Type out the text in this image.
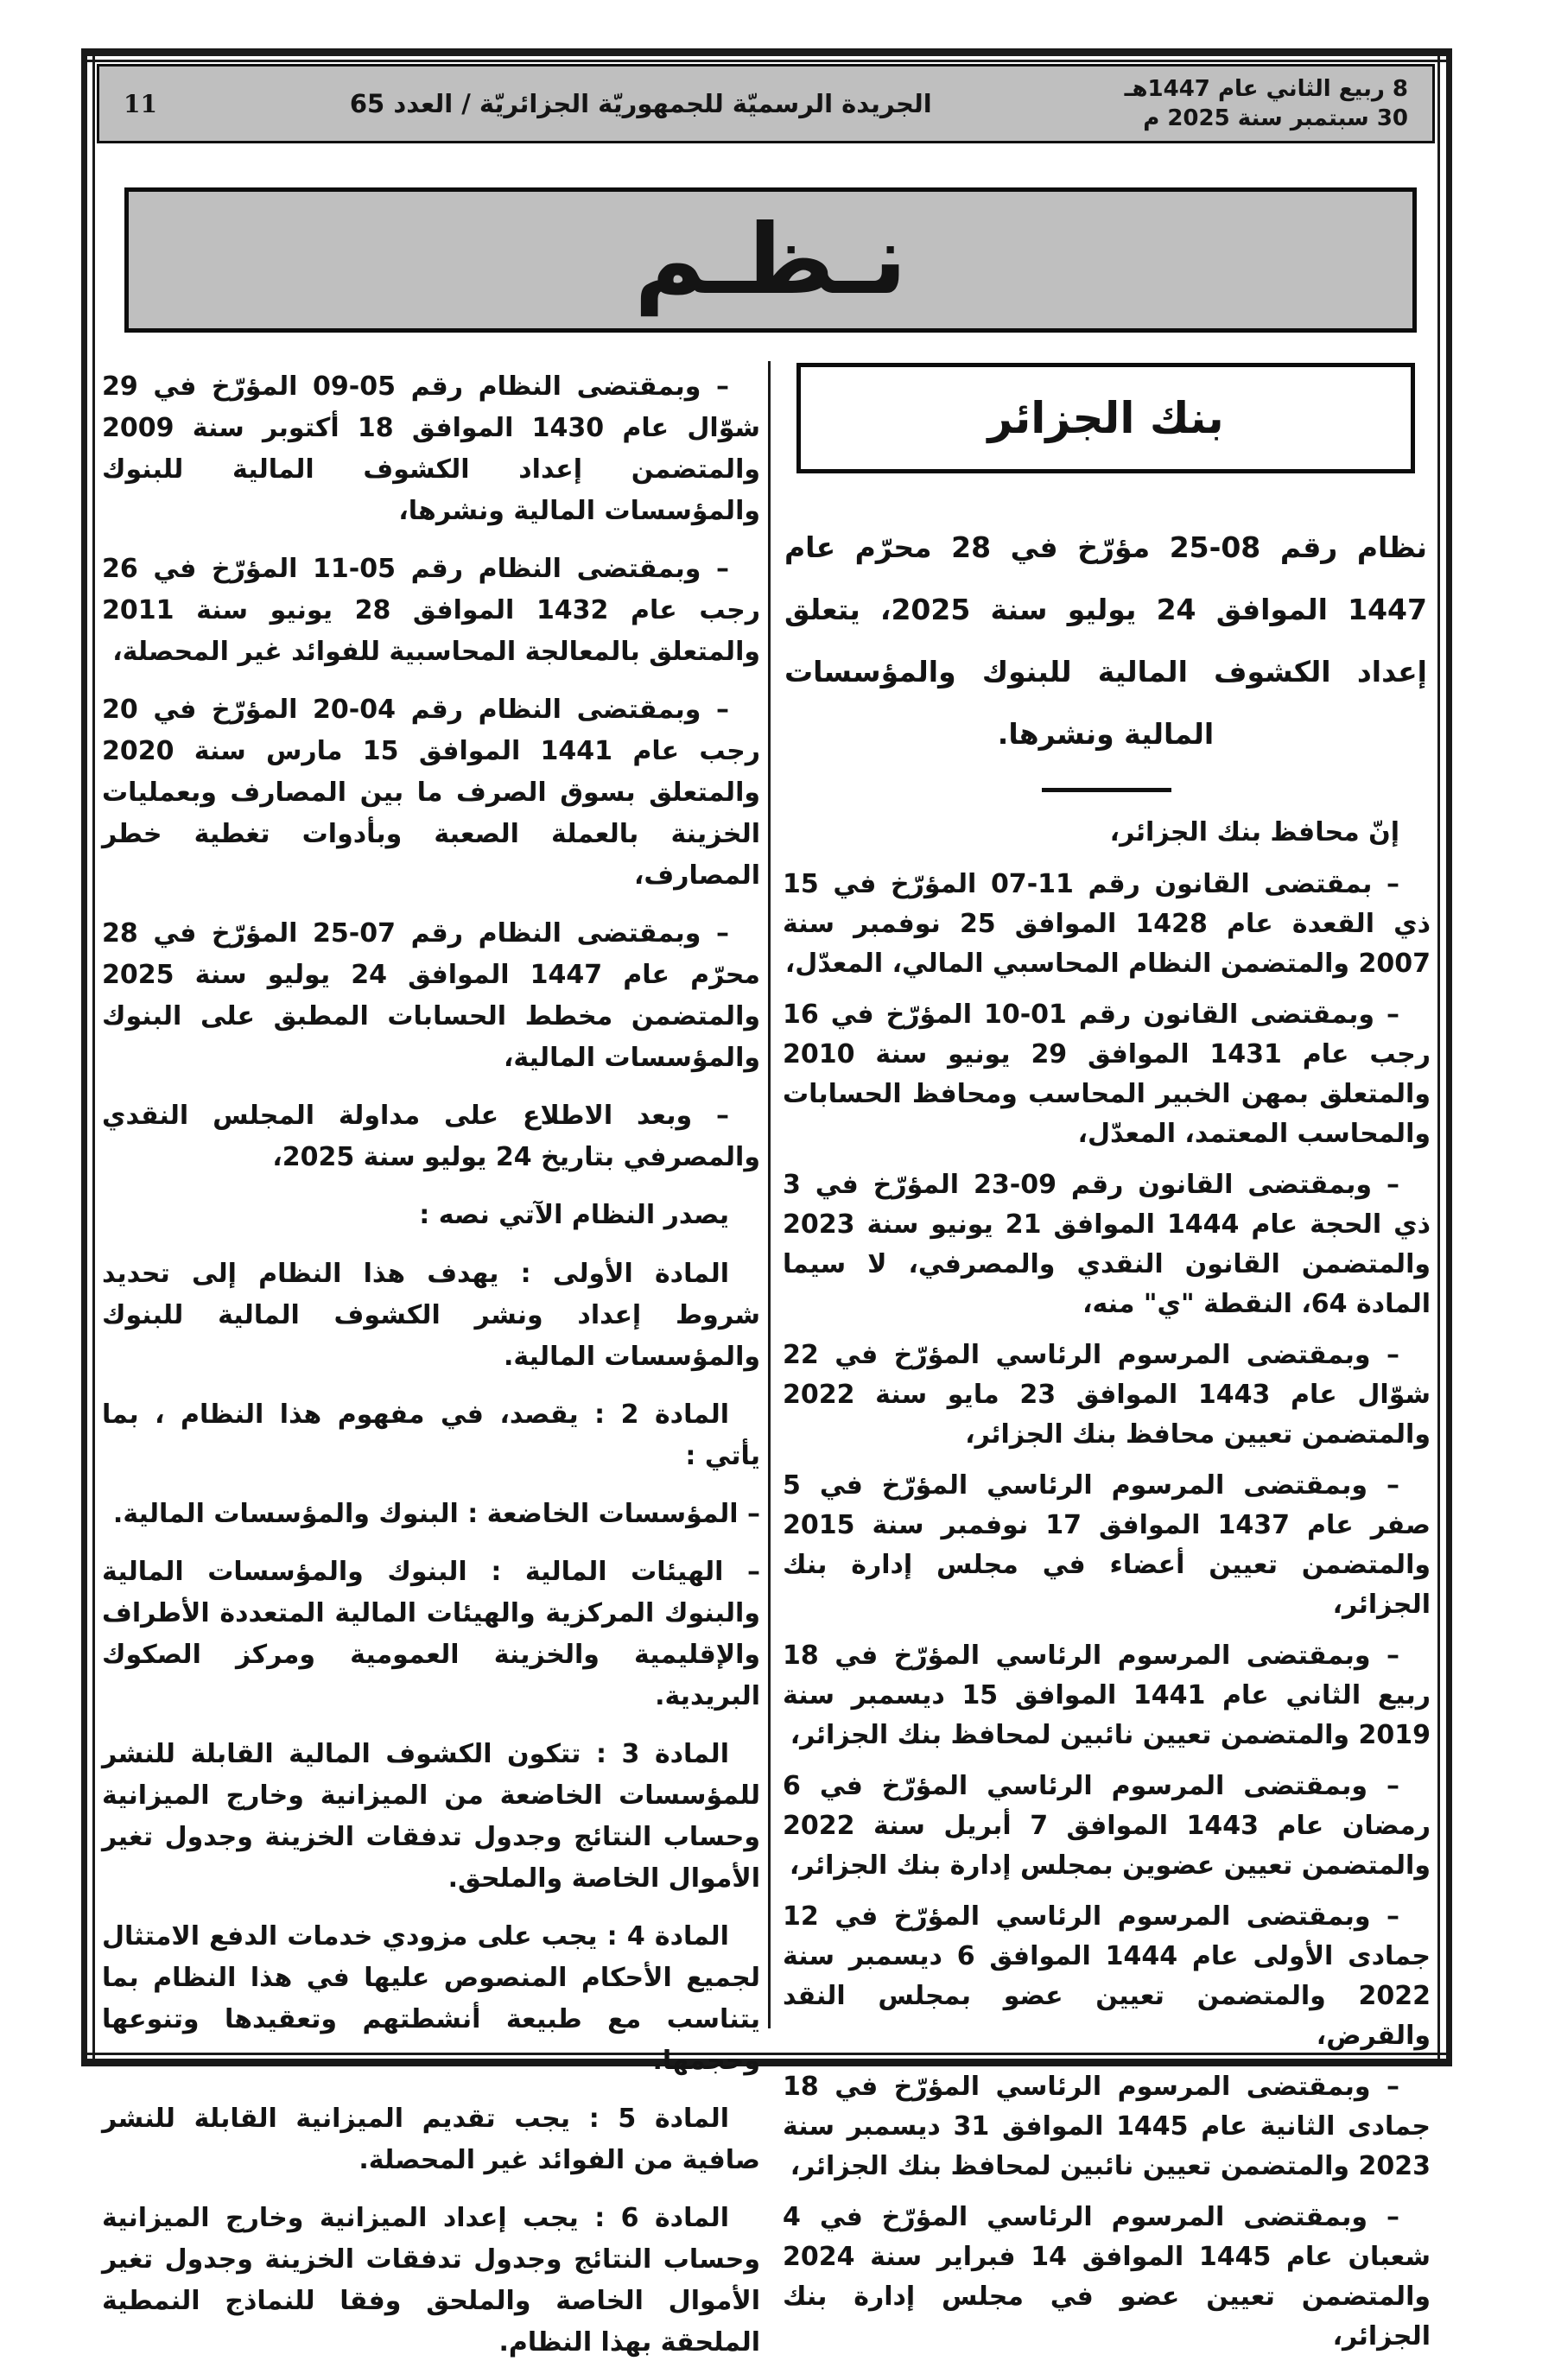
8 ربيع الثاني عام 1447هـ
30 سبتمبر سنة 2025 م
الجريدة الرسميّة للجمهوريّة الجزائريّة / العدد 65
11
نـظـم
بنك الجزائر

نظام رقم 08-25 مؤرّخ في 28 محرّم عام 1447 الموافق 24 يوليو سنة 2025، يتعلق إعداد الكشوف المالية للبنوك والمؤسسات المالية ونشرها.

إنّ محافظ بنك الجزائر،

– بمقتضى القانون رقم 11-07 المؤرّخ في 15 ذي القعدة عام 1428 الموافق 25 نوفمبر سنة 2007 والمتضمن النظام المحاسبي المالي، المعدّل،

– وبمقتضى القانون رقم 01-10 المؤرّخ في 16 رجب عام 1431 الموافق 29 يونيو سنة 2010 والمتعلق بمهن الخبير المحاسب ومحافظ الحسابات والمحاسب المعتمد، المعدّل،

– وبمقتضى القانون رقم 09-23 المؤرّخ في 3 ذي الحجة عام 1444 الموافق 21 يونيو سنة 2023 والمتضمن القانون النقدي والمصرفي، لا سيما المادة 64، النقطة "ي" منه،

– وبمقتضى المرسوم الرئاسي المؤرّخ في 22 شوّال عام 1443 الموافق 23 مايو سنة 2022 والمتضمن تعيين محافظ بنك الجزائر،

– وبمقتضى المرسوم الرئاسي المؤرّخ في 5 صفر عام 1437 الموافق 17 نوفمبر سنة 2015 والمتضمن تعيين أعضاء في مجلس إدارة بنك الجزائر،

– وبمقتضى المرسوم الرئاسي المؤرّخ في 18 ربيع الثاني عام 1441 الموافق 15 ديسمبر سنة 2019 والمتضمن تعيين نائبين لمحافظ بنك الجزائر،

– وبمقتضى المرسوم الرئاسي المؤرّخ في 6 رمضان عام 1443 الموافق 7 أبريل سنة 2022 والمتضمن تعيين عضوين بمجلس إدارة بنك الجزائر،

– وبمقتضى المرسوم الرئاسي المؤرّخ في 12 جمادى الأولى عام 1444 الموافق 6 ديسمبر سنة 2022 والمتضمن تعيين عضو بمجلس النقد والقرض،

– وبمقتضى المرسوم الرئاسي المؤرّخ في 18 جمادى الثانية عام 1445 الموافق 31 ديسمبر سنة 2023 والمتضمن تعيين نائبين لمحافظ بنك الجزائر،

– وبمقتضى المرسوم الرئاسي المؤرّخ في 4 شعبان عام 1445 الموافق 14 فبراير سنة 2024 والمتضمن تعيين عضو في مجلس إدارة بنك الجزائر،

– وبمقتضى النظام رقم 05-09 المؤرّخ في 29 شوّال عام 1430 الموافق 18 أكتوبر سنة 2009 والمتضمن إعداد الكشوف المالية للبنوك والمؤسسات المالية ونشرها،

– وبمقتضى النظام رقم 05-11 المؤرّخ في 26 رجب عام 1432 الموافق 28 يونيو سنة 2011 والمتعلق بالمعالجة المحاسبية للفوائد غير المحصلة،

– وبمقتضى النظام رقم 04-20 المؤرّخ في 20 رجب عام 1441 الموافق 15 مارس سنة 2020 والمتعلق بسوق الصرف ما بين المصارف وبعمليات الخزينة بالعملة الصعبة وبأدوات تغطية خطر المصارف،

– وبمقتضى النظام رقم 07-25 المؤرّخ في 28 محرّم عام 1447 الموافق 24 يوليو سنة 2025 والمتضمن مخطط الحسابات المطبق على البنوك والمؤسسات المالية،

– وبعد الاطلاع على مداولة المجلس النقدي والمصرفي بتاريخ 24 يوليو سنة 2025،

يصدر النظام الآتي نصه :

المادة الأولى : يهدف هذا النظام إلى تحديد شروط إعداد ونشر الكشوف المالية للبنوك والمؤسسات المالية.

المادة 2 : يقصد، في مفهوم هذا النظام ، بما يأتي :

– المؤسسات الخاضعة : البنوك والمؤسسات المالية.

– الهيئات المالية : البنوك والمؤسسات المالية والبنوك المركزية والهيئات المالية المتعددة الأطراف والإقليمية والخزينة العمومية ومركز الصكوك البريدية.

المادة 3 : تتكون الكشوف المالية القابلة للنشر للمؤسسات الخاضعة من الميزانية وخارج الميزانية وحساب النتائج وجدول تدفقات الخزينة وجدول تغير الأموال الخاصة والملحق.

المادة 4 : يجب على مزودي خدمات الدفع الامتثال لجميع الأحكام المنصوص عليها في هذا النظام بما يتناسب مع طبيعة أنشطتهم وتعقيدها وتنوعها وحجمها.

المادة 5 : يجب تقديم الميزانية القابلة للنشر صافية من الفوائد غير المحصلة.

المادة 6 : يجب إعداد الميزانية وخارج الميزانية وحساب النتائج وجدول تدفقات الخزينة وجدول تغير الأموال الخاصة والملحق وفقا للنماذج النمطية الملحقة بهذا النظام.
